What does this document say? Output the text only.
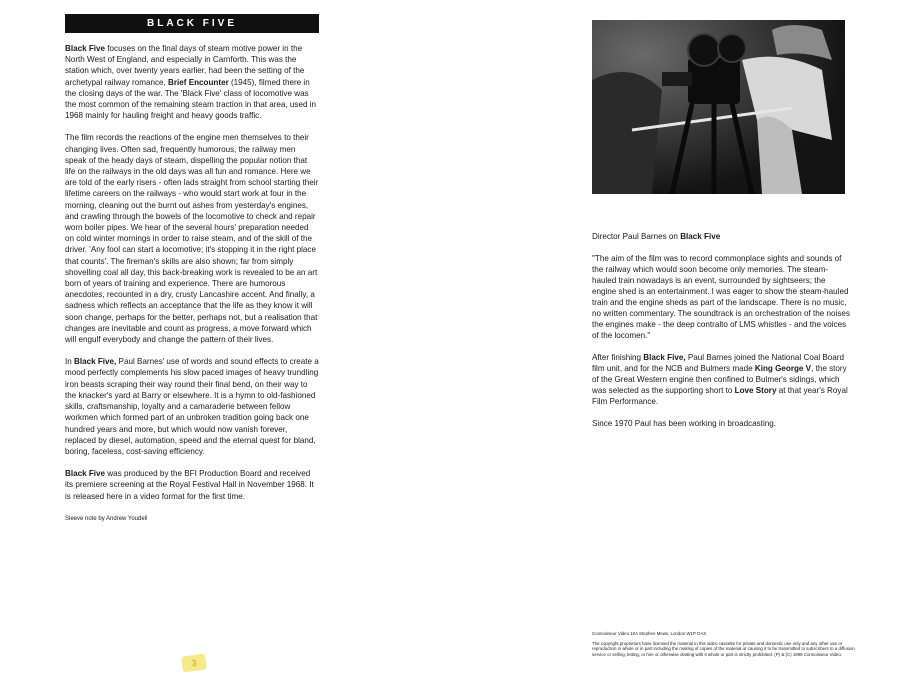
BLACK FIVE

Black Five focuses on the final days of steam motive power in the North West of England, and especially in Carnforth. This was the station which, over twenty years earlier, had been the setting of the archetypal railway romance, Brief Encounter (1945), filmed there in the closing days of the war. The 'Black Five' class of locomotive was the most common of the remaining steam traction in that area, used in 1968 mainly for hauling freight and heavy goods traffic.

The film records the reactions of the engine men themselves to their changing lives. Often sad, frequently humorous, the railway men speak of the heady days of steam, dispelling the popular notion that life on the railways in the old days was all fun and romance. Here we are told of the early risers - often lads straight from school starting their lifetime careers on the railways - who would start work at four in the morning, cleaning out the burnt out ashes from yesterday's engines, and crawling through the bowels of the locomotive to check and repair worn boiler pipes. We hear of the several hours' preparation needed on cold winter mornings in order to raise steam, and of the skill of the driver. 'Any fool can start a locomotive; it's stopping it in the right place that counts'. The fireman's skills are also shown; far from simply shovelling coal all day, this back-breaking work is revealed to be an art born of years of training and experience. There are humorous anecdotes, recounted in a dry, crusty Lancashire accent. And finally, a sadness which reflects an acceptance that the life as they know it will soon change, perhaps for the better, perhaps not, but a realisation that changes are inevitable and count as progress, a move forward which will engulf everybody and change the pattern of their lives.

In Black Five, Paul Barnes' use of words and sound effects to create a mood perfectly complements his slow paced images of heavy trundling iron beasts scraping their way round their final bend, on their way to the knacker's yard at Barry or elsewhere. It is a hymn to old-fashioned skills, craftsmanship, loyalty and a camaraderie between fellow workmen which formed part of an unbroken tradition going back one hundred years and more, but which would now vanish forever, replaced by diesel, automation, speed and the eternal quest for bland, boring, faceless, cost-saving efficiency.

Black Five was produced by the BFI Production Board and received its premiere screening at the Royal Festival Hall in November 1968. It is released here in a video format for the first time.

Sleeve note by Andrew Youdell
Director Paul Barnes on Black Five

"The aim of the film was to record commonplace sights and sounds of the railway which would soon become only memories. The steam-hauled train nowadays is an event, surrounded by sightseers; the engine shed is an entertainment. I was eager to show the steam-hauled train and the engine sheds as part of the landscape. There is no music, no written commentary. The soundtrack is an orchestration of the noises the engines make - the deep contralto of LMS whistles - and the voices of the locomen."

After finishing Black Five, Paul Barnes joined the National Coal Board film unit, and for the NCB and Bulmers made King George V, the story of the Great Western engine then confined to Bulmer's sidings, which was selected as the supporting short to Love Story at that year's Royal Film Performance.

Since 1970 Paul has been working in broadcasting.

Connoisseur Video 10A Stephen Mews, London W1P OAX
The copyright proprietors have licensed the material in this video cassette for private and domestic use only and any other use or reproduction in whole or in part including the making of copies of the material or causing it to be transmitted to subscribers to a diffusion service or selling, letting, or hire or otherwise dealing with it whole or part is strictly prohibited. (P) & (C) 1998 Connoisseur Video.
3
